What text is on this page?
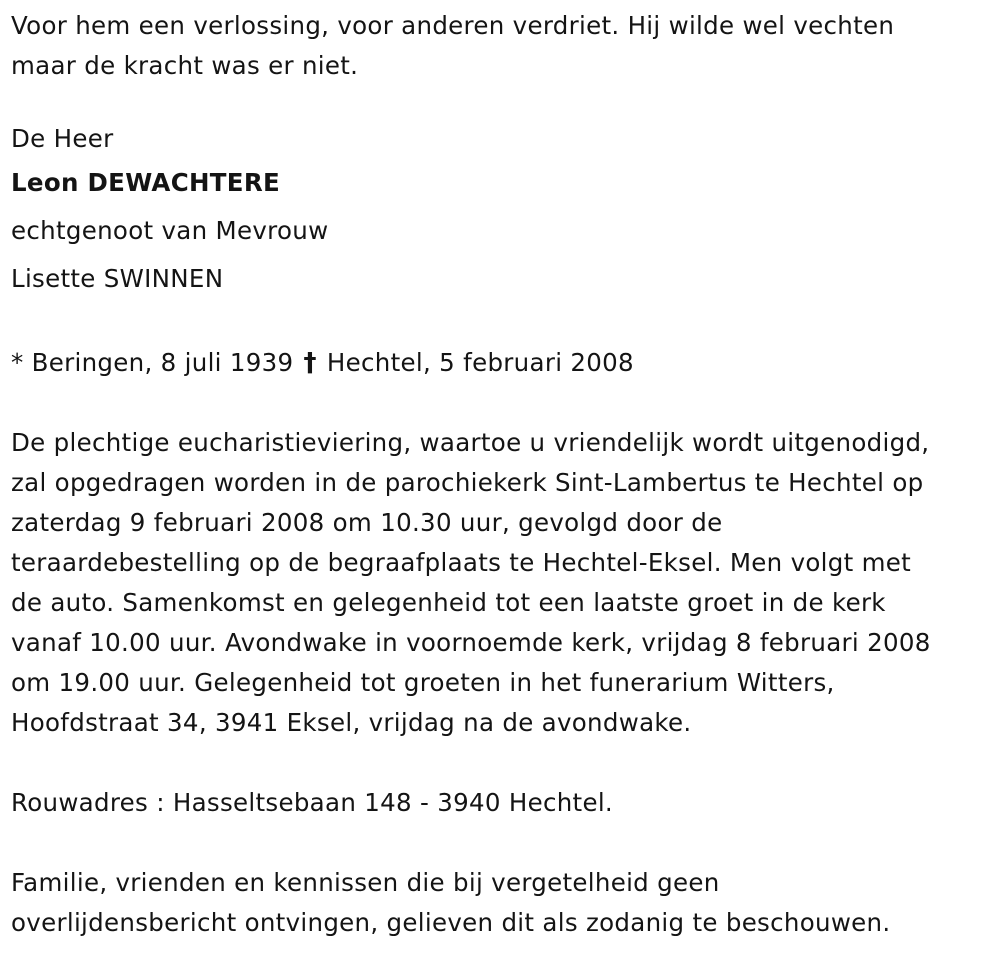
Voor hem een verlossing, voor anderen verdriet. Hij wilde wel vechten
maar de kracht was er niet.
De Heer
Leon DEWACHTERE
echtgenoot van Mevrouw
Lisette SWINNEN
* Beringen, 8 juli 1939 † Hechtel, 5 februari 2008
De plechtige eucharistieviering, waartoe u vriendelijk wordt uitgenodigd,
zal opgedragen worden in de parochiekerk Sint-Lambertus te Hechtel op
zaterdag 9 februari 2008 om 10.30 uur, gevolgd door de
teraardebestelling op de begraafplaats te Hechtel-Eksel. Men volgt met
de auto. Samenkomst en gelegenheid tot een laatste groet in de kerk
vanaf 10.00 uur. Avondwake in voornoemde kerk, vrijdag 8 februari 2008
om 19.00 uur. Gelegenheid tot groeten in het funerarium Witters,
Hoofdstraat 34, 3941 Eksel, vrijdag na de avondwake.
Rouwadres : Hasseltsebaan 148 - 3940 Hechtel.
Familie, vrienden en kennissen die bij vergetelheid geen
overlijdensbericht ontvingen, gelieven dit als zodanig te beschouwen.
